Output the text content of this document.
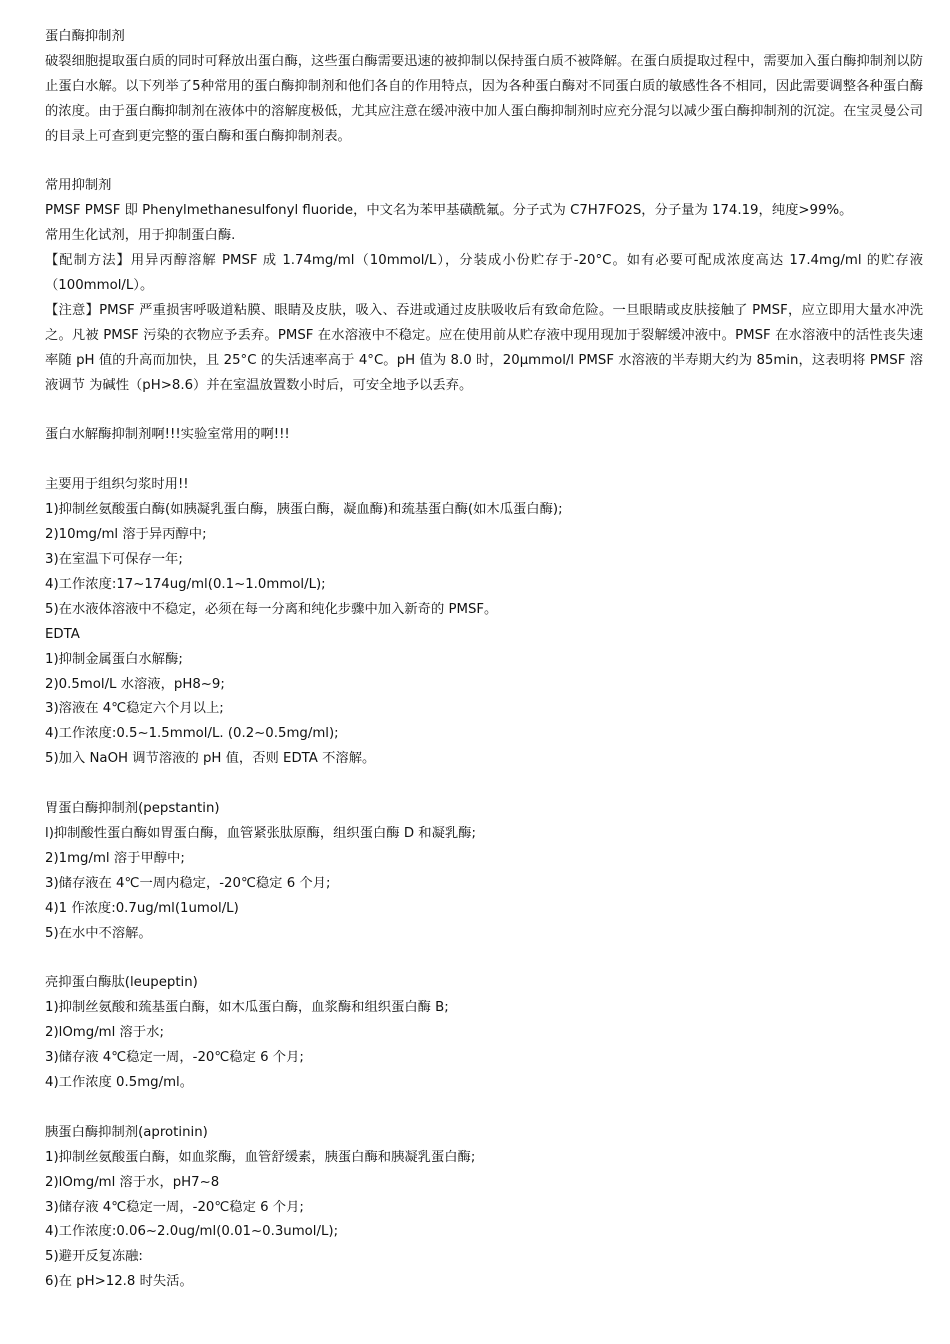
蛋白酶抑制剂

破裂细胞提取蛋白质的同时可释放出蛋白酶，这些蛋白酶需要迅速的被抑制以保持蛋白质不被降解。在蛋白质提取过程中，需要加入蛋白酶抑制剂以防止蛋白水解。以下列举了5种常用的蛋白酶抑制剂和他们各自的作用特点，因为各种蛋白酶对不同蛋白质的敏感性各不相同，因此需要调整各种蛋白酶的浓度。由于蛋白酶抑制剂在液体中的溶解度极低，尤其应注意在缓冲液中加人蛋白酶抑制剂时应充分混匀以减少蛋白酶抑制剂的沉淀。在宝灵曼公司的目录上可查到更完整的蛋白酶和蛋白酶抑制剂表。

常用抑制剂

PMSF PMSF 即 Phenylmethanesulfonyl fluoride，中文名为苯甲基磺酰氟。分子式为 C7H7FO2S，分子量为 174.19，纯度>99%。

常用生化试剂，用于抑制蛋白酶.

【配制方法】用异丙醇溶解 PMSF 成 1.74mg/ml（10mmol/L），分装成小份贮存于-20°C。如有必要可配成浓度高达 17.4mg/ml 的贮存液（100mmol/L）。

【注意】PMSF 严重损害呼吸道粘膜、眼睛及皮肤，吸入、吞进或通过皮肤吸收后有致命危险。一旦眼睛或皮肤接触了 PMSF，应立即用大量水冲洗之。凡被 PMSF 污染的衣物应予丢弃。PMSF 在水溶液中不稳定。应在使用前从贮存液中现用现加于裂解缓冲液中。PMSF 在水溶液中的活性丧失速率随 pH 值的升高而加快，且 25°C 的失活速率高于 4°C。pH 值为 8.0 时，20μmmol/l PMSF 水溶液的半寿期大约为 85min，这表明将 PMSF 溶液调节 为碱性（pH>8.6）并在室温放置数小时后，可安全地予以丢弃。

蛋白水解酶抑制剂啊!!!实验室常用的啊!!!

主要用于组织匀浆时用!!

1)抑制丝氨酸蛋白酶(如胰凝乳蛋白酶，胰蛋白酶，凝血酶)和巯基蛋白酶(如木瓜蛋白酶);
2)10mg/ml 溶于异丙醇中;
3)在室温下可保存一年;
4)工作浓度:17~174ug/ml(0.1~1.0mmol/L);
5)在水液体溶液中不稳定，必须在每一分离和纯化步骤中加入新奇的 PMSF。

EDTA

1)抑制金属蛋白水解酶;
2)0.5mol/L 水溶液，pH8~9;
3)溶液在 4℃稳定六个月以上;
4)工作浓度:0.5~1.5mmol/L. (0.2~0.5mg/ml);
5)加入 NaOH 调节溶液的 pH 值，否则 EDTA 不溶解。

胃蛋白酶抑制剂(pepstantin)

l)抑制酸性蛋白酶如胃蛋白酶，血管紧张肽原酶，组织蛋白酶 D 和凝乳酶;
2)1mg/ml 溶于甲醇中;
3)储存液在 4℃一周内稳定，-20℃稳定 6 个月;
4)1 作浓度:0.7ug/ml(1umol/L)
5)在水中不溶解。

亮抑蛋白酶肽(leupeptin)

1)抑制丝氨酸和巯基蛋白酶，如木瓜蛋白酶，血浆酶和组织蛋白酶 B;
2)lOmg/ml 溶于水;
3)储存液 4℃稳定一周，-20℃稳定 6 个月;
4)工作浓度 0.5mg/ml。

胰蛋白酶抑制剂(aprotinin)

1)抑制丝氨酸蛋白酶，如血浆酶，血管舒缓素，胰蛋白酶和胰凝乳蛋白酶;
2)lOmg/ml 溶于水，pH7~8
3)储存液 4℃稳定一周，-20℃稳定 6 个月;
4)工作浓度:0.06~2.0ug/ml(0.01~0.3umol/L);
5)避开反复冻融:
6)在 pH>12.8 时失活。
